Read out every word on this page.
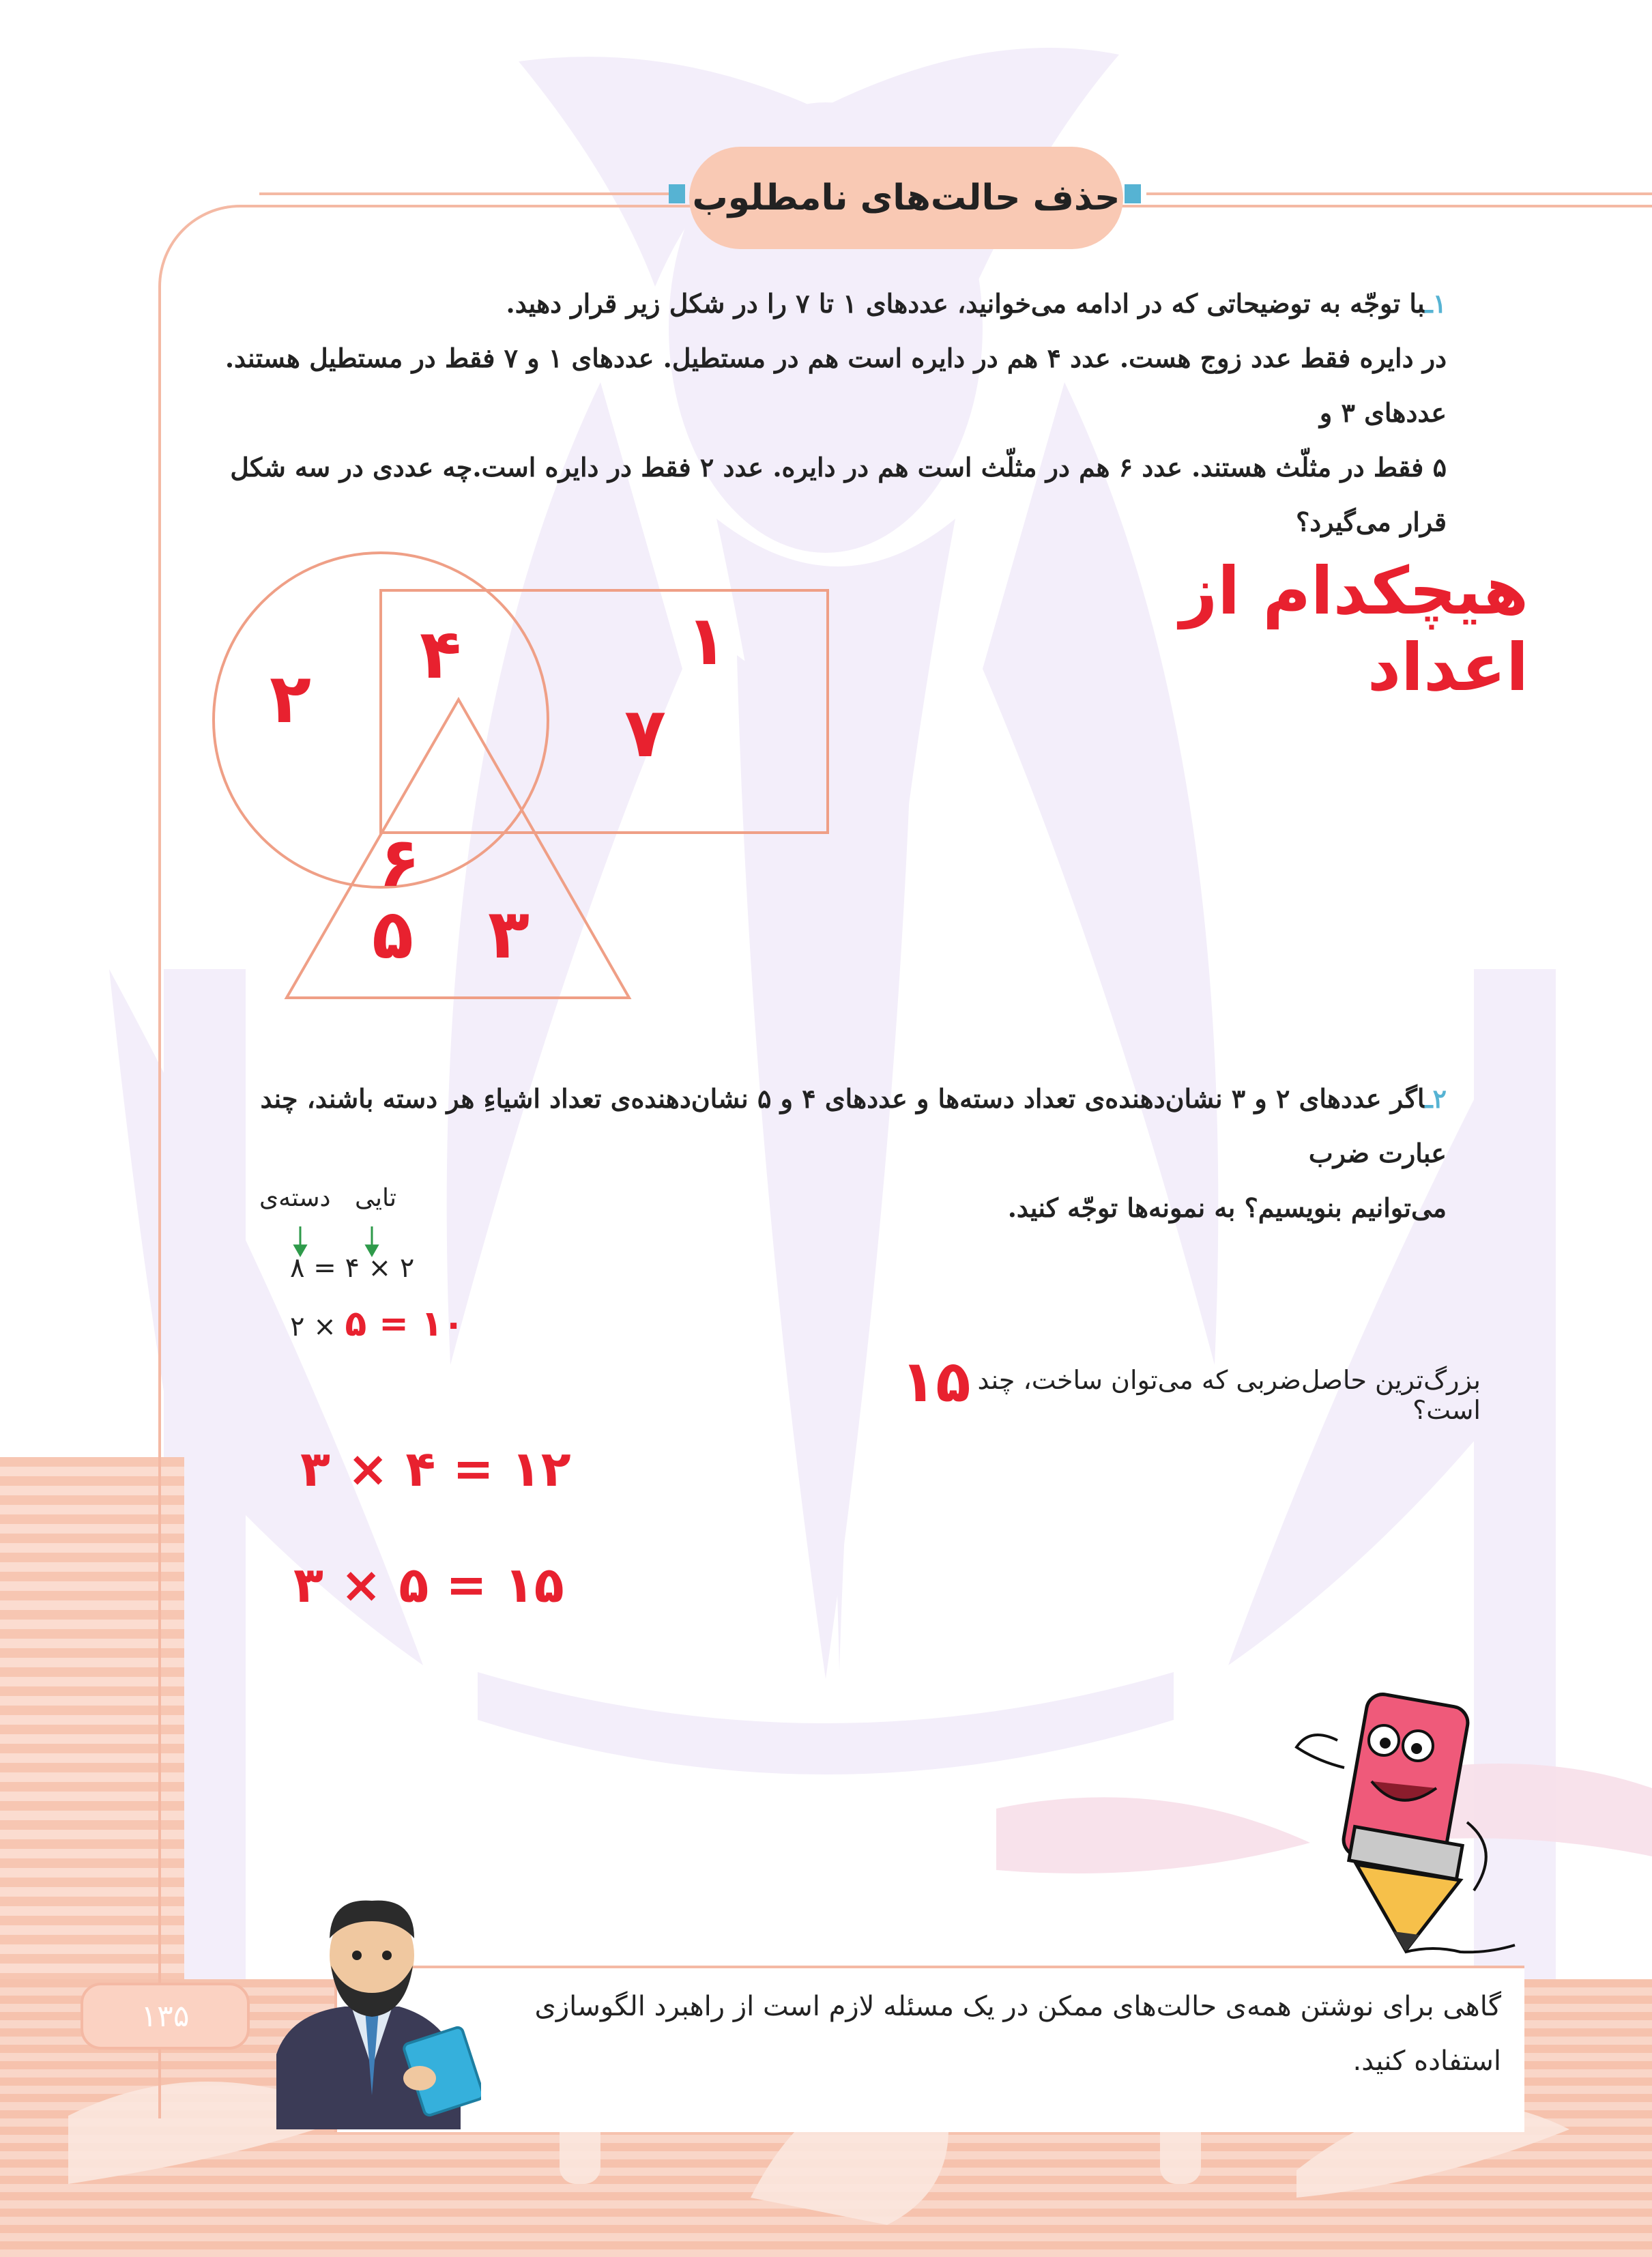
حذف حالت‌های نامطلوب
۱ـبا توجّه به توضیحاتی که در ادامه می‌خوانید، عددهای ۱ تا ۷ را در شکل زیر قرار دهید.
در دایره فقط عدد زوج هست. عدد ۴ هم در دایره است هم در مستطیل. عددهای ۱ و ۷ فقط در مستطیل هستند. عددهای ۳ و
۵ فقط در مثلّث هستند. عدد ۶ هم در مثلّث است هم در دایره. عدد ۲ فقط در دایره است.چه عددی در سه شکل قرار می‌گیرد؟
۲
۴	۱
۷
۶
۵ ۳
هیچکدام از اعداد
۲ـاگر عددهای ۲ و ۳ نشان‌دهنده‌ی تعداد دسته‌ها و عددهای ۴ و ۵ نشان‌دهنده‌ی تعداد اشیاءِ هر دسته باشند، چند عبارت ضرب
می‌توانیم بنویسیم؟ به نمونه‌ها توجّه کنید.
دسته‌ی تایی
۲ × ۴ = ۸
۲ × ۵ = ۱۰
بزرگ‌ترین حاصل‌ضربی که می‌توان ساخت، چند است؟
۱۵
۳ × ۴ = ۱۲
۳ × ۵ = ۱۵
گاهی برای نوشتن همه‌ی حالت‌های ممکن در یک مسئله لازم است از راهبرد الگوسازی استفاده کنید.
۱۳۵
